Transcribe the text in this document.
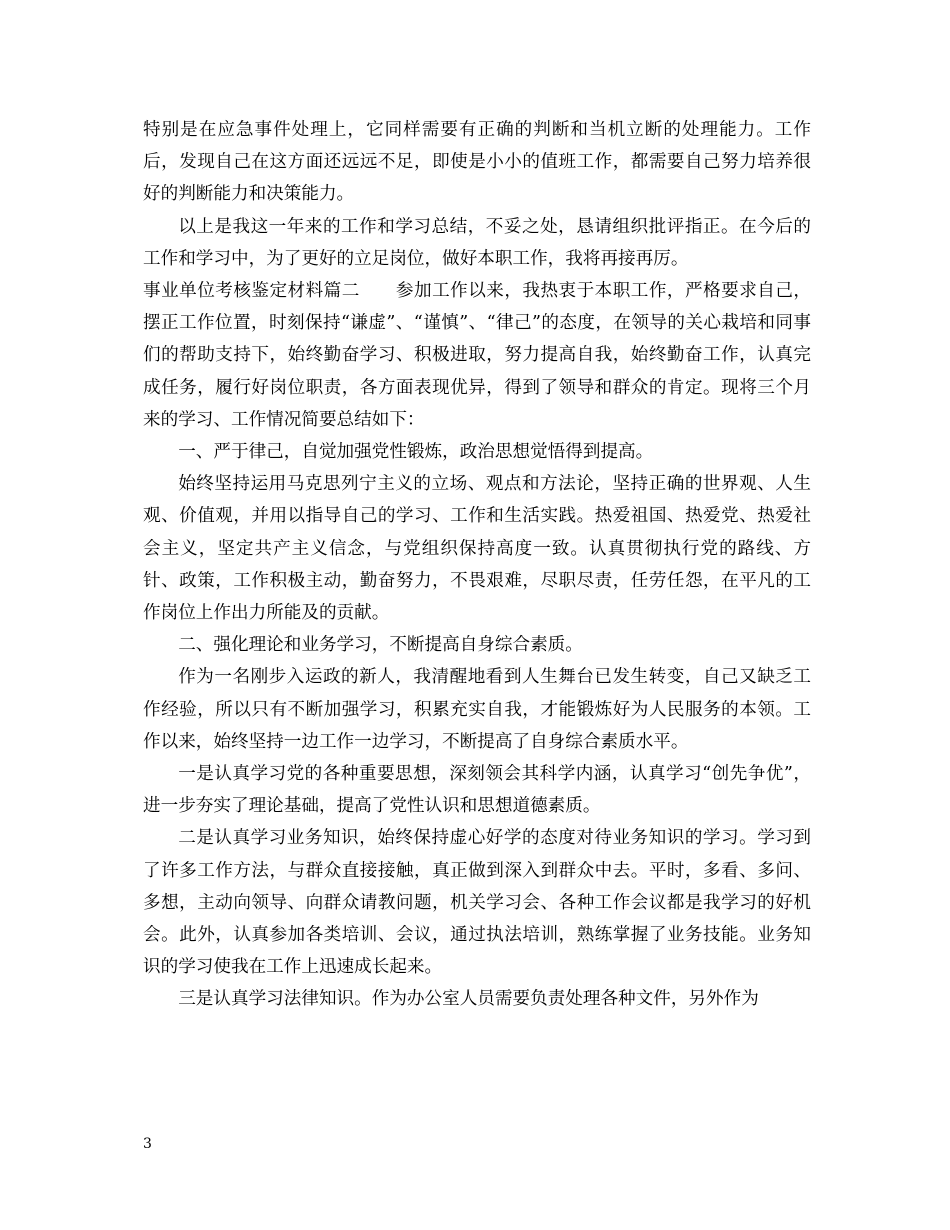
特别是在应急事件处理上，它同样需要有正确的判断和当机立断的处理能力。工作后，发现自己在这方面还远远不足，即使是小小的值班工作，都需要自己努力培养很好的判断能力和决策能力。

以上是我这一年来的工作和学习总结，不妥之处，恳请组织批评指正。在今后的工作和学习中，为了更好的立足岗位，做好本职工作，我将再接再厉。

事业单位考核鉴定材料篇二　　参加工作以来，我热衷于本职工作，严格要求自己，摆正工作位置，时刻保持“谦虚”、“谨慎”、“律己”的态度，在领导的关心栽培和同事们的帮助支持下，始终勤奋学习、积极进取，努力提高自我，始终勤奋工作，认真完成任务，履行好岗位职责，各方面表现优异，得到了领导和群众的肯定。现将三个月来的学习、工作情况简要总结如下：

一、严于律己，自觉加强党性锻炼，政治思想觉悟得到提高。

始终坚持运用马克思列宁主义的立场、观点和方法论，坚持正确的世界观、人生观、价值观，并用以指导自己的学习、工作和生活实践。热爱祖国、热爱党、热爱社会主义，坚定共产主义信念，与党组织保持高度一致。认真贯彻执行党的路线、方针、政策，工作积极主动，勤奋努力，不畏艰难，尽职尽责，任劳任怨，在平凡的工作岗位上作出力所能及的贡献。

二、强化理论和业务学习，不断提高自身综合素质。

作为一名刚步入运政的新人，我清醒地看到人生舞台已发生转变，自己又缺乏工作经验，所以只有不断加强学习，积累充实自我，才能锻炼好为人民服务的本领。工作以来，始终坚持一边工作一边学习，不断提高了自身综合素质水平。

一是认真学习党的各种重要思想，深刻领会其科学内涵，认真学习“创先争优”，进一步夯实了理论基础，提高了党性认识和思想道德素质。

二是认真学习业务知识，始终保持虚心好学的态度对待业务知识的学习。学习到了许多工作方法，与群众直接接触，真正做到深入到群众中去。平时，多看、多问、多想，主动向领导、向群众请教问题，机关学习会、各种工作会议都是我学习的好机会。此外，认真参加各类培训、会议，通过执法培训，熟练掌握了业务技能。业务知识的学习使我在工作上迅速成长起来。

三是认真学习法律知识。作为办公室人员需要负责处理各种文件，另外作为

3
